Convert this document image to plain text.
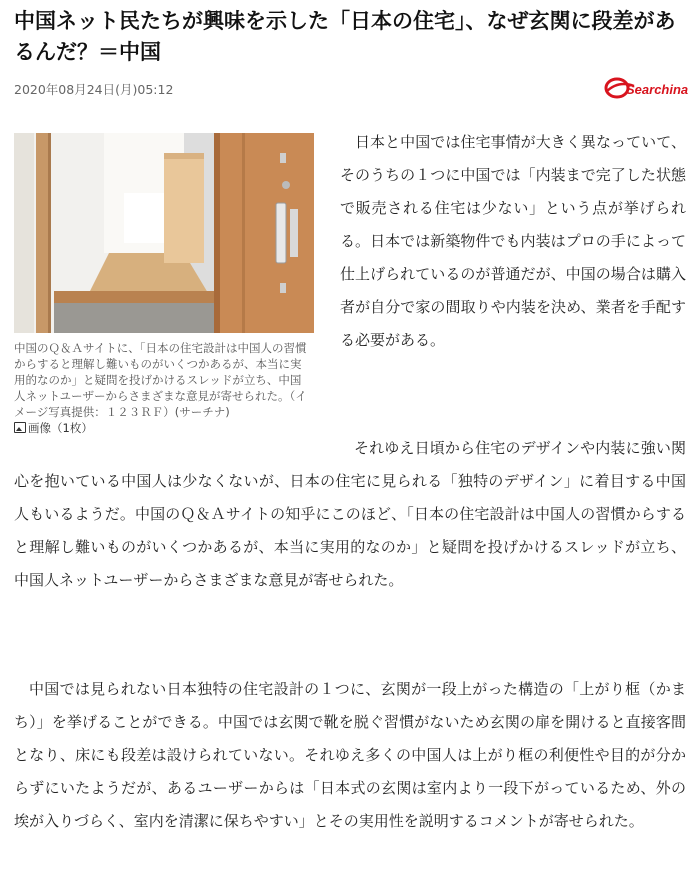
中国ネット民たちが興味を示した「日本の住宅」、なぜ玄関に段差があるんだ？＝中国
2020年08月24日(月)05:12	Searchina
中国のＱ＆Ａサイトに、「日本の住宅設計は中国人の習慣からすると理解し難いものがいくつかあるが、本当に実用的なのか」と疑問を投げかけるスレッドが立ち、中国人ネットユーザーからさまざまな意見が寄せられた。（イメージ写真提供：１２３ＲＦ）(サーチナ) 画像（1枚）

日本と中国では住宅事情が大きく異なっていて、そのうちの１つに中国では「内装まで完了した状態で販売される住宅は少ない」という点が挙げられる。日本では新築物件でも内装はプロの手によって仕上げられているのが普通だが、中国の場合は購入者が自分で家の間取りや内装を決め、業者を手配する必要がある。

それゆえ日頃から住宅のデザインや内装に強い関心を抱いている中国人は少なくないが、日本の住宅に見られる「独特のデザイン」に着目する中国人もいるようだ。中国のＱ＆Ａサイトの知乎にこのほど、「日本の住宅設計は中国人の習慣からすると理解し難いものがいくつかあるが、本当に実用的なのか」と疑問を投げかけるスレッドが立ち、中国人ネットユーザーからさまざまな意見が寄せられた。

中国では見られない日本独特の住宅設計の１つに、玄関が一段上がった構造の「上がり框（かまち）」を挙げることができる。中国では玄関で靴を脱ぐ習慣がないため玄関の扉を開けると直接客間となり、床にも段差は設けられていない。それゆえ多くの中国人は上がり框の利便性や目的が分からずにいたようだが、あるユーザーからは「日本式の玄関は室内より一段下がっているため、外の埃が入りづらく、室内を清潔に保ちやすい」とその実用性を説明するコメントが寄せられた。
